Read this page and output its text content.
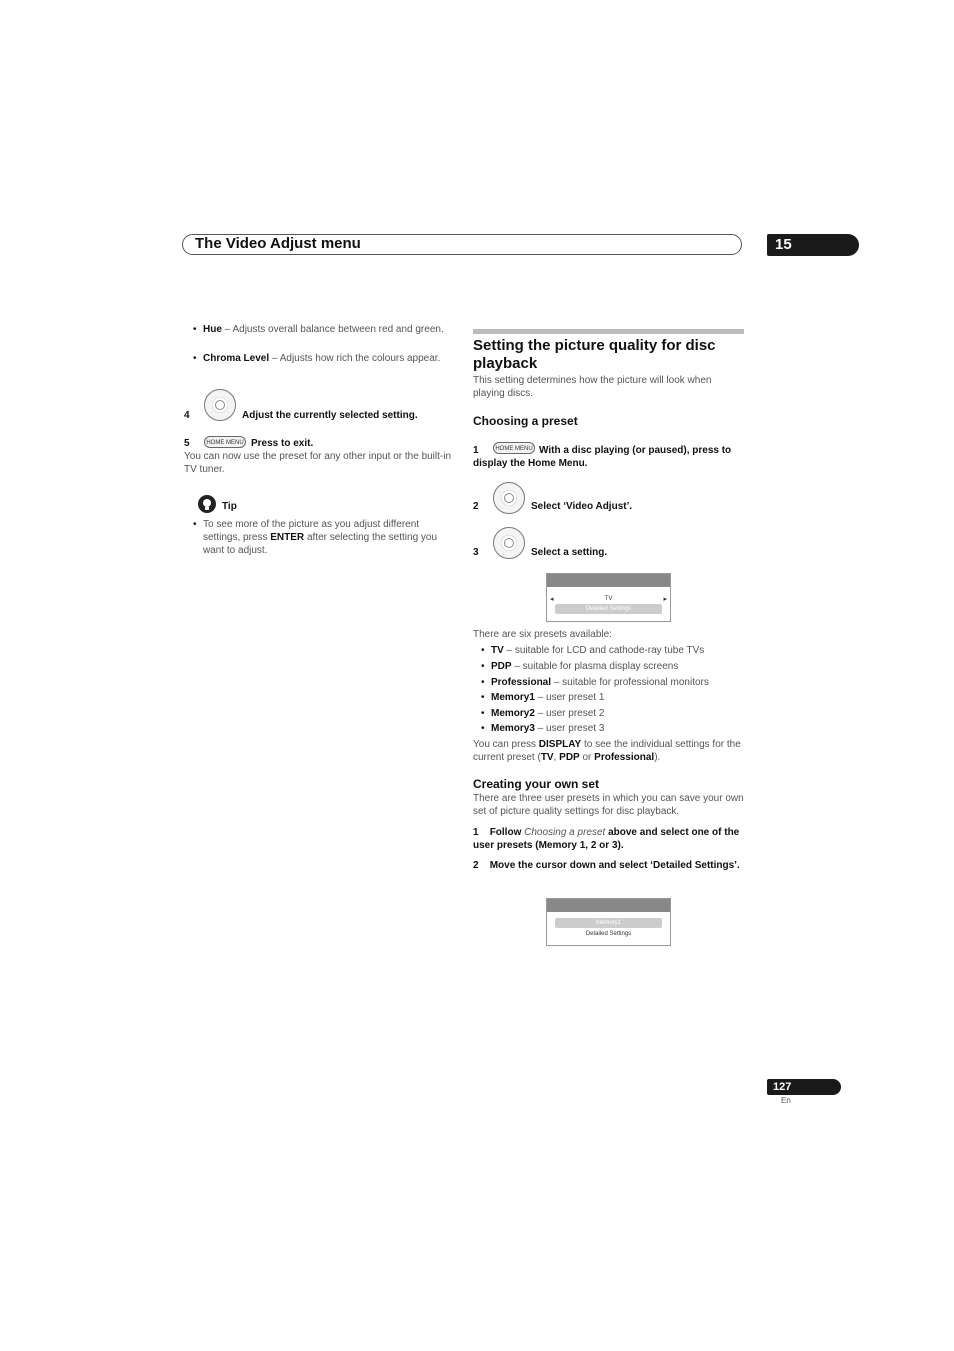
The Video Adjust menu	15
• Hue – Adjusts overall balance between red and green.
• Chroma Level – Adjusts how rich the colours appear.
4	Adjust the currently selected setting.
5	HOME MENU Press to exit.
You can now use the preset for any other input or the built-in TV tuner.
Tip
• To see more of the picture as you adjust different settings, press ENTER after selecting the setting you want to adjust.
Setting the picture quality for disc playback
This setting determines how the picture will look when playing discs.
Choosing a preset
1	HOME MENU With a disc playing (or paused), press to display the Home Menu.
2	Select ‘Video Adjust’.
3	Select a setting.
TV
◂	▸
Detailed Settings
There are six presets available:
• TV – suitable for LCD and cathode-ray tube TVs
• PDP – suitable for plasma display screens
• Professional – suitable for professional monitors
• Memory1 – user preset 1
• Memory2 – user preset 2
• Memory3 – user preset 3
You can press DISPLAY to see the individual settings for the current preset (TV, PDP or Professional).
Creating your own set
There are three user presets in which you can save your own set of picture quality settings for disc playback.
1 Follow Choosing a preset above and select one of the user presets (Memory 1, 2 or 3).
2 Move the cursor down and select ‘Detailed Settings’.
Memory1
Detailed Settings
127
En
